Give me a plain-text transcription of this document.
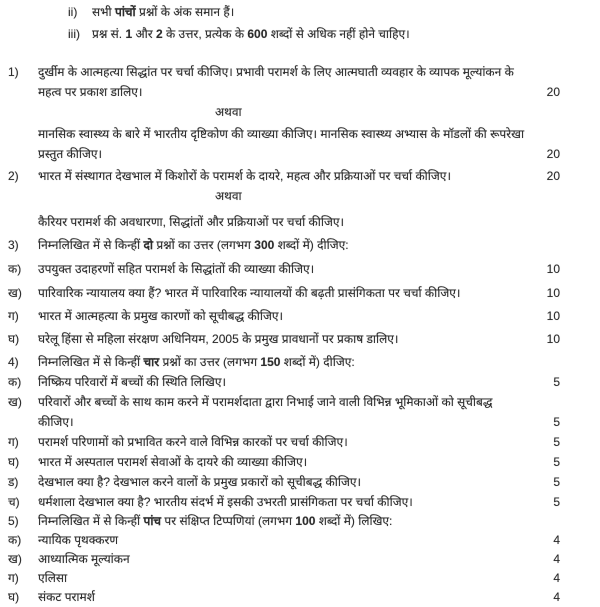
ii)	सभी पांचों प्रश्नों के अंक समान हैं।
iii)	प्रश्न सं. 1 और 2 के उत्तर, प्रत्येक के 600 शब्दों से अधिक नहीं होने चाहिए।
1)	दुर्खीम के आत्महत्या सिद्धांत पर चर्चा कीजिए। प्रभावी परामर्श के लिए आत्मघाती व्यवहार के व्यापक मूल्यांकन के महत्व पर प्रकाश डालिए।	20
अथवा
मानसिक स्वास्थ्य के बारे में भारतीय दृष्टिकोण की व्याख्या कीजिए। मानसिक स्वास्थ्य अभ्यास के मॉडलों की रूपरेखा प्रस्तुत कीजिए।	20
2)	भारत में संस्थागत देखभाल में किशोरों के परामर्श के दायरे, महत्व और प्रक्रियाओं पर चर्चा कीजिए।	20
अथवा
कैरियर परामर्श की अवधारणा, सिद्धांतों और प्रक्रियाओं पर चर्चा कीजिए।
3)	निम्नलिखित में से किन्हीं दो प्रश्नों का उत्तर (लगभग 300 शब्दों में) दीजिए:
क)	उपयुक्त उदाहरणों सहित परामर्श के सिद्धांतों की व्याख्या कीजिए।	10
ख)	पारिवारिक न्यायालय क्या हैं? भारत में पारिवारिक न्यायालयों की बढ़ती प्रासंगिकता पर चर्चा कीजिए।	10
ग)	भारत में आत्महत्या के प्रमुख कारणों को सूचीबद्ध कीजिए।	10
घ)	घरेलू हिंसा से महिला संरक्षण अधिनियम, 2005 के प्रमुख प्रावधानों पर प्रकाष डालिए।	10
4)	निम्नलिखित में से किन्हीं चार प्रश्नों का उत्तर (लगभग 150 शब्दों में) दीजिए:
क)	निष्क्रिय परिवारों में बच्चों की स्थिति लिखिए।	5
ख)	परिवारों और बच्चों के साथ काम करने में परामर्शदाता द्वारा निभाई जाने वाली विभिन्न भूमिकाओं को सूचीबद्ध कीजिए।	5
ग)	परामर्श परिणामों को प्रभावित करने वाले विभिन्न कारकों पर चर्चा कीजिए।	5
घ)	भारत में अस्पताल परामर्श सेवाओं के दायरे की व्याख्या कीजिए।	5
ड)	देखभाल क्या है? देखभाल करने वालों के प्रमुख प्रकारों को सूचीबद्ध कीजिए।	5
च)	धर्मशाला देखभाल क्या है? भारतीय संदर्भ में इसकी उभरती प्रासंगिकता पर चर्चा कीजिए।	5
5)	निम्नलिखित में से किन्हीं पांच पर संक्षिप्त टिप्पणियां (लगभग 100 शब्दों में) लिखिए:
क)	न्यायिक पृथक्करण	4
ख)	आध्यात्मिक मूल्यांकन	4
ग)	एलिसा	4
घ)	संकट परामर्श	4
